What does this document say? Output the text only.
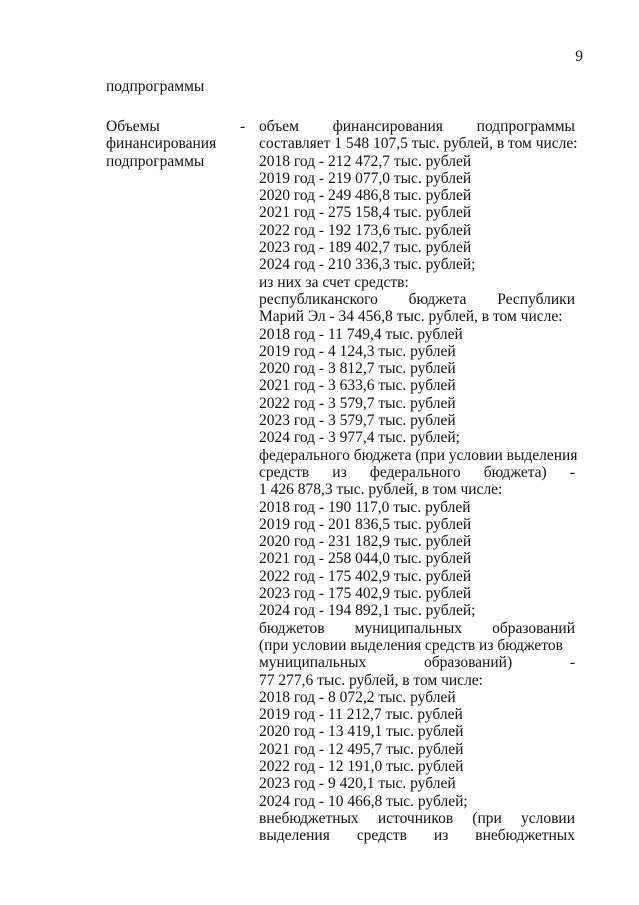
9
подпрограммы
Объемы
финансирования
подпрограммы
- объем финансирования подпрограммы
составляет 1 548 107,5 тыс. рублей, в том числе:
2018 год - 212 472,7 тыс. рублей
2019 год - 219 077,0 тыс. рублей
2020 год - 249 486,8 тыс. рублей
2021 год - 275 158,4 тыс. рублей
2022 год - 192 173,6 тыс. рублей
2023 год - 189 402,7 тыс. рублей
2024 год - 210 336,3 тыс. рублей;
из них за счет средств:
республиканского бюджета Республики
Марий Эл - 34 456,8 тыс. рублей, в том числе:
2018 год - 11 749,4 тыс. рублей
2019 год - 4 124,3 тыс. рублей
2020 год - 3 812,7 тыс. рублей
2021 год - 3 633,6 тыс. рублей
2022 год - 3 579,7 тыс. рублей
2023 год - 3 579,7 тыс. рублей
2024 год - 3 977,4 тыс. рублей;
федерального бюджета (при условии выделения
средств из федерального бюджета) -
1 426 878,3 тыс. рублей, в том числе:
2018 год - 190 117,0 тыс. рублей
2019 год - 201 836,5 тыс. рублей
2020 год - 231 182,9 тыс. рублей
2021 год - 258 044,0 тыс. рублей
2022 год - 175 402,9 тыс. рублей
2023 год - 175 402,9 тыс. рублей
2024 год - 194 892,1 тыс. рублей;
бюджетов муниципальных образований
(при условии выделения средств из бюджетов
муниципальных	образований)	-
77 277,6 тыс. рублей, в том числе:
2018 год - 8 072,2 тыс. рублей
2019 год - 11 212,7 тыс. рублей
2020 год - 13 419,1 тыс. рублей
2021 год - 12 495,7 тыс. рублей
2022 год - 12 191,0 тыс. рублей
2023 год - 9 420,1 тыс. рублей
2024 год - 10 466,8 тыс. рублей;
внебюджетных источников (при условии
выделения средств из внебюджетных
